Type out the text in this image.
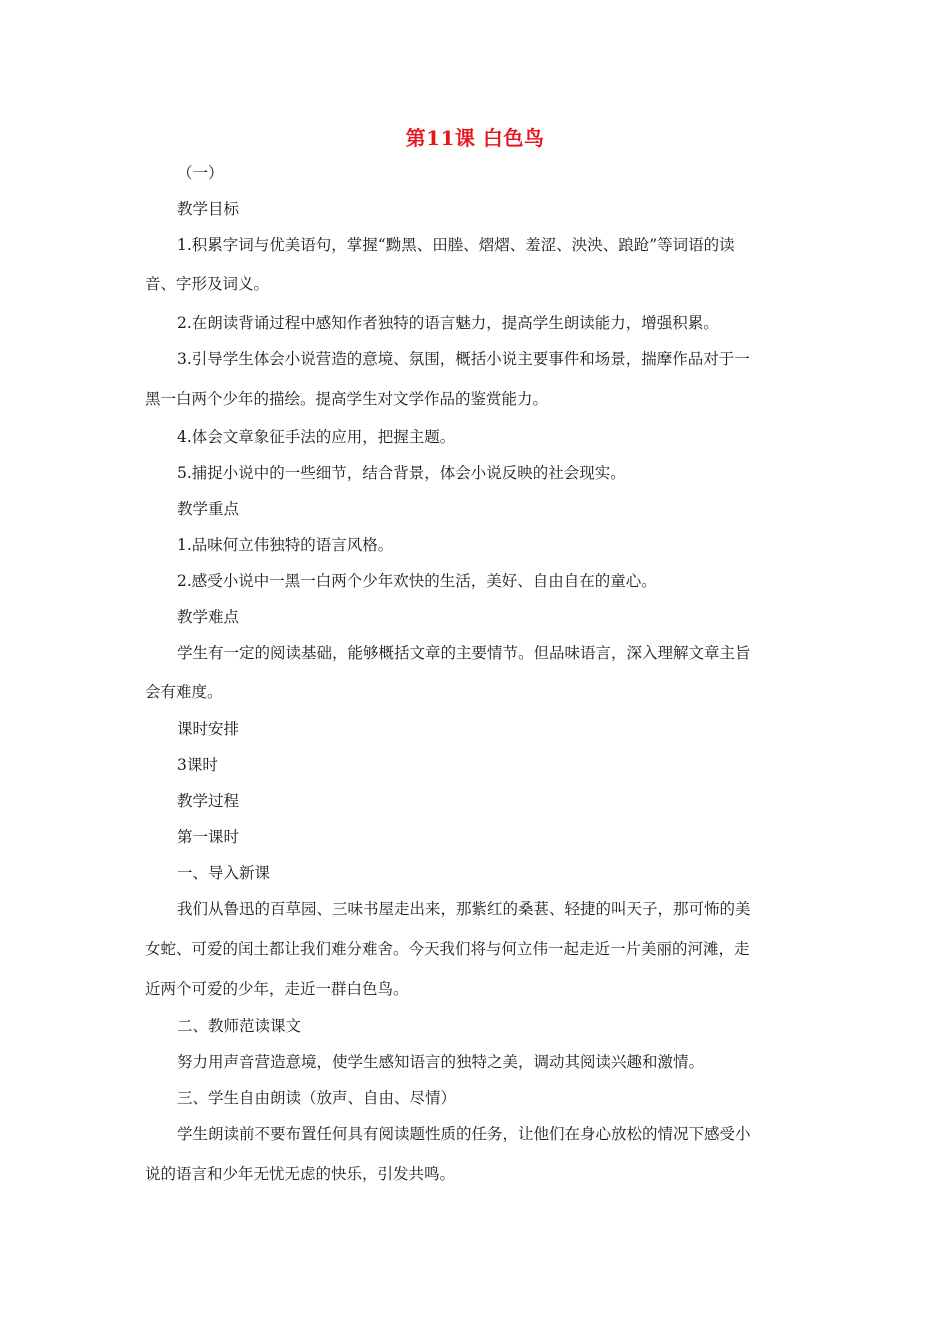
第11课 白色鸟

（一）

教学目标

1.积累字词与优美语句，掌握“黝黑、田塍、熠熠、羞涩、泱泱、踉跄”等词语的读

音、字形及词义。

2.在朗读背诵过程中感知作者独特的语言魅力，提高学生朗读能力，增强积累。

3.引导学生体会小说营造的意境、氛围，概括小说主要事件和场景，揣摩作品对于一

黑一白两个少年的描绘。提高学生对文学作品的鉴赏能力。

4.体会文章象征手法的应用，把握主题。

5.捕捉小说中的一些细节，结合背景，体会小说反映的社会现实。

教学重点

1.品味何立伟独特的语言风格。

2.感受小说中一黑一白两个少年欢快的生活，美好、自由自在的童心。

教学难点

学生有一定的阅读基础，能够概括文章的主要情节。但品味语言，深入理解文章主旨

会有难度。

课时安排

3课时

教学过程

第一课时

一、导入新课

我们从鲁迅的百草园、三味书屋走出来，那紫红的桑葚、轻捷的叫天子，那可怖的美

女蛇、可爱的闰土都让我们难分难舍。今天我们将与何立伟一起走近一片美丽的河滩，走

近两个可爱的少年，走近一群白色鸟。

二、教师范读课文

努力用声音营造意境，使学生感知语言的独特之美，调动其阅读兴趣和激情。

三、学生自由朗读（放声、自由、尽情）

学生朗读前不要布置任何具有阅读题性质的任务，让他们在身心放松的情况下感受小

说的语言和少年无忧无虑的快乐，引发共鸣。
